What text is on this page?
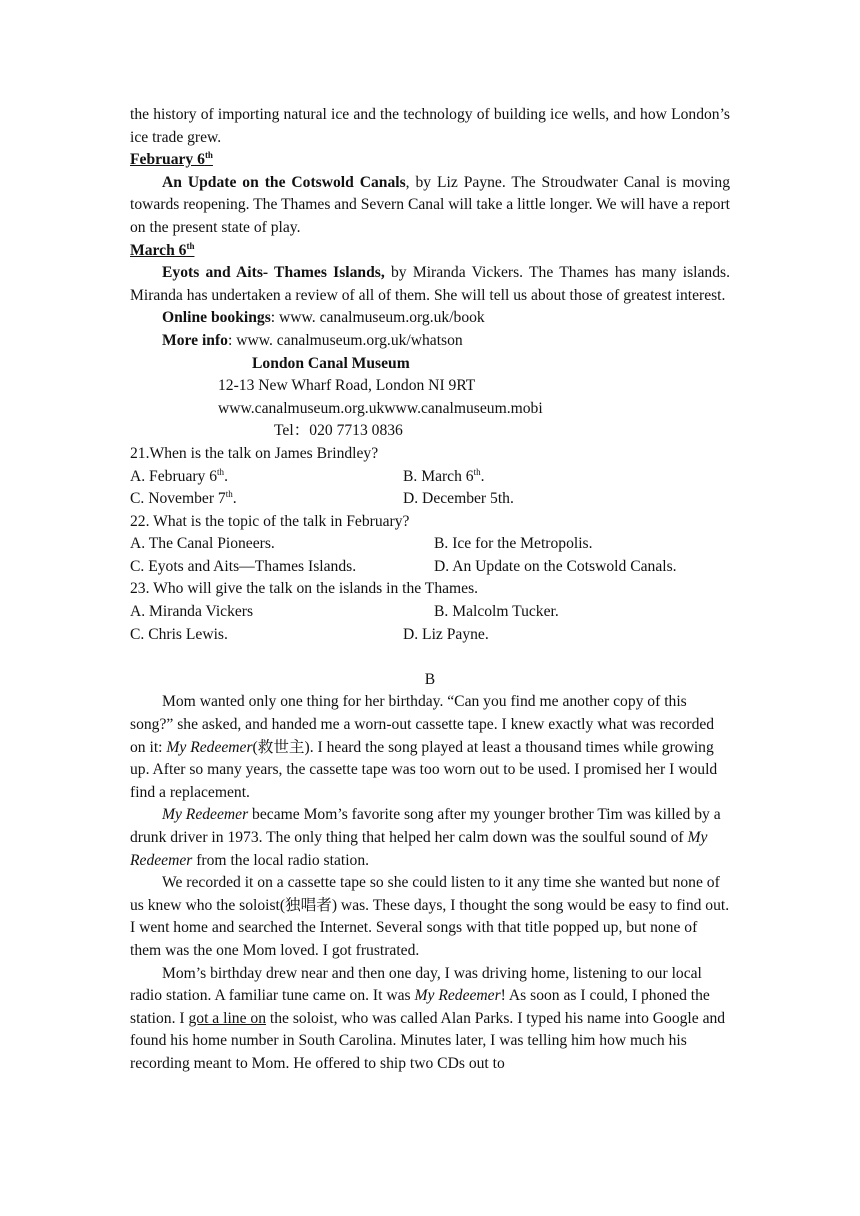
the history of importing natural ice and the technology of building ice wells, and how London’s ice trade grew.

February 6th

An Update on the Cotswold Canals, by Liz Payne. The Stroudwater Canal is moving towards reopening. The Thames and Severn Canal will take a little longer. We will have a report on the present state of play.

March 6th

Eyots and Aits- Thames Islands, by Miranda Vickers. The Thames has many islands. Miranda has undertaken a review of all of them. She will tell us about those of greatest interest.

Online bookings: www. canalmuseum.org.uk/book

More info: www. canalmuseum.org.uk/whatson

London Canal Museum

12-13 New Wharf Road, London NI 9RT

www.canalmuseum.org.ukwww.canalmuseum.mobi

Tel：020 7713 0836

21.When is the talk on James Brindley?

A. February 6th.	B. March 6th.
C. November 7th.	D. December 5th.

22. What is the topic of the talk in February?

A. The Canal Pioneers.	B. Ice for the Metropolis.
C. Eyots and Aits—Thames Islands.	D. An Update on the Cotswold Canals.

23. Who will give the talk on the islands in the Thames.

A. Miranda Vickers	B. Malcolm Tucker.
C. Chris Lewis.	D. Liz Payne.

B

Mom wanted only one thing for her birthday. “Can you find me another copy of this song?” she asked, and handed me a worn-out cassette tape. I knew exactly what was recorded on it: My Redeemer(救世主). I heard the song played at least a thousand times while growing up. After so many years, the cassette tape was too worn out to be used. I promised her I would find a replacement.

My Redeemer became Mom’s favorite song after my younger brother Tim was killed by a drunk driver in 1973. The only thing that helped her calm down was the soulful sound of My Redeemer from the local radio station.

We recorded it on a cassette tape so she could listen to it any time she wanted but none of us knew who the soloist(独唱者) was. These days, I thought the song would be easy to find out. I went home and searched the Internet. Several songs with that title popped up, but none of them was the one Mom loved. I got frustrated.

Mom’s birthday drew near and then one day, I was driving home, listening to our local radio station. A familiar tune came on. It was My Redeemer! As soon as I could, I phoned the station. I got a line on the soloist, who was called Alan Parks. I typed his name into Google and found his home number in South Carolina. Minutes later, I was telling him how much his recording meant to Mom. He offered to ship two CDs out to
